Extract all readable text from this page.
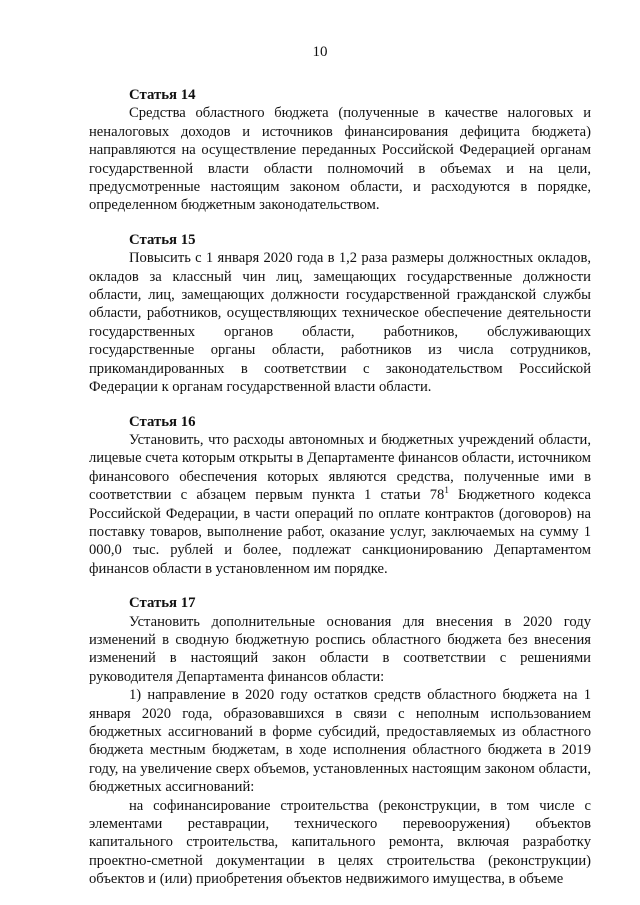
10

Статья 14

Средства областного бюджета (полученные в качестве налоговых и неналоговых доходов и источников финансирования дефицита бюджета) направляются на осуществление переданных Российской Федерацией органам государственной власти области полномочий в объемах и на цели, предусмотренные настоящим законом области, и расходуются в порядке, определенном бюджетным законодательством.

Статья 15

Повысить с 1 января 2020 года в 1,2 раза размеры должностных окладов, окладов за классный чин лиц, замещающих государственные должности области, лиц, замещающих должности государственной гражданской службы области, работников, осуществляющих техническое обеспечение деятельности государственных органов области, работников, обслуживающих государственные органы области, работников из числа сотрудников, прикомандированных в соответствии с законодательством Российской Федерации к органам государственной власти области.

Статья 16

Установить, что расходы автономных и бюджетных учреждений области, лицевые счета которым открыты в Департаменте финансов области, источником финансового обеспечения которых являются средства, полученные ими в соответствии с абзацем первым пункта 1 статьи $78^1$ Бюджетного кодекса Российской Федерации, в части операций по оплате контрактов (договоров) на поставку товаров, выполнение работ, оказание услуг, заключаемых на сумму 1 000,0 тыс. рублей и более, подлежат санкционированию Департаментом финансов области в установленном им порядке.

Статья 17

Установить дополнительные основания для внесения в 2020 году изменений в сводную бюджетную роспись областного бюджета без внесения изменений в настоящий закон области в соответствии с решениями руководителя Департамента финансов области:

1) направление в 2020 году остатков средств областного бюджета на 1 января 2020 года, образовавшихся в связи с неполным использованием бюджетных ассигнований в форме субсидий, предоставляемых из областного бюджета местным бюджетам, в ходе исполнения областного бюджета в 2019 году, на увеличение сверх объемов, установленных настоящим законом области, бюджетных ассигнований:

на софинансирование строительства (реконструкции, в том числе с элементами реставрации, технического перевооружения) объектов капитального строительства, капитального ремонта, включая разработку проектно-сметной документации в целях строительства (реконструкции) объектов и (или) приобретения объектов недвижимого имущества, в объеме
